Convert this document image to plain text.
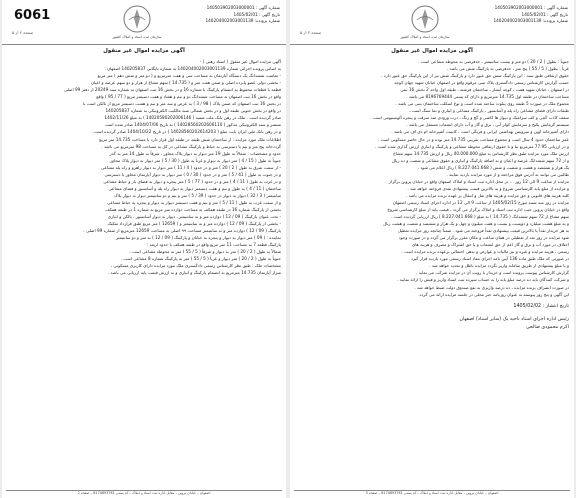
6061
صفحه ۲ از ۵
سازمان ثبت اسناد و املاک کشور
شماره آگهی : 140503902003000001
تاریخ آگهی : 1405/02/01
شماره پرونده: 140204002003001139
آگهی مزایده اموال غیر منقول

آگهی مزایده اموال غیر منقول ( اسناد رهنی ) -

به اساس پرونده اجرائی شماره 140204002003001139 به شماره بایگانی 140205837 اصفهان :

- تمامیت ششدانگ یک دستگاه آپارتمان به مساحت سی و هفت مترمربع و ( دو متر و شش دهم ) متر مربع

- بخشی دولی عضو پانزده اصلی و ضمن هفت متر و ( 14.735 ) سهم مشاع از هزار و دو سهم عرصه و اعیان

قطعه با قطعات محفوظ به انضمام پارکینگ با شماره 16 و در بخش 16 ثبت اصفهان به شماره سند 20249 از دفتر 99 اصلی

واقع در بخش 16 ثبت اصفهان به مساحت ششدانگ دو و نیم و هفتاد و هفت دسیمتر مربع ( 77 / 95 ) واقع

در بخش 16 ثبت اصفهان که ضمن پلاک ( 98 / 3 ) به عرض و سه متر و نیم و هشت دسیمتر مربع از بالکن است با

در واقع در بخش جنوبی طبقه اول و در بخش شمالی سند مالکیت الکترونیکی به شماره 140205837

صادر گردیده است . ملک در رهن بانک ملت شعبه ( 14020580202006146 ) به مبلغ 1402/11/26

منتشر و سند الکترونیکی مذکور ( 14028560202606110 ) به تاریخ 1404/07/06 صادر شده است

و در رهن بانک ملی ایران بابت مبلغ ( 14028560202614203 ) در تاریخ 1404/10/22 صادر گردیده است .

اطلاعات ملک مورد مزایده : از ساختمان شش طبقه در طبقه اول قرار دارد با مساحت 14.735 متر مربع

گرددخانه پنج متر و نیم با دسترسی به حیاط و پارکینگ مشاعی در کل به مساحت 98 مترمربع می باشد .

حدود و مشخصات : شمالاً به طول 19 متر دیوار به دیوار پلاک مجاور ، شرقاً به طول 14 متر به گذر

جنوباً به طول ( 15 / 4 ) متر دیوار به دیوار و غرباً به طول ( 30 / 5 ) متر دیوار به دیوار پلاک مجاور

- از سمت شرق به طول ( 2 / 20 ) متر و در حدود ( 4 / 11 ) متر دیوار به دیوار راهرو و راه پله مشاعی

و در جنوب به طول ( 41 / 5 ) متر و در حدود ( 30 / 0 ) متر دیوار به دیوار آپارتمان مجاور با دسترسی

و در غرب به طول ( 11 / 4 ) متر و در حدود ( 77 / 5 ) متر پنجره و دیوار به فضای باز و حیاط مشاعی

ساختمان ( 11 / 4 ) به طول و نیم و هفت دسیمتر دیوار به دیوار راه پله و آسانسور و فضای مشاعی

سانتیمتر ( 3 / 32 ) دیوار به دیوار در حدود ( 39 / 5 ) متر و نیم و دو سانتیمتر دیوار به دیوار پلاک

و از سمت غرب به طول ( 11 / 5 ) متر و نیم و هفت دسیمتر دیوار به دیوار و پنجره به حیاط مشاعی

بخشی از پارکینگ شماره 16 در طبقه همکف به مساحت دوازده متر مربع به شماره 1 در طبقه همکف

- تحت عنوان پارکینگ ( 09 / 12 ) دوازده متر و نه سانتیمتر ، دیوار به دیوار آسانسور ، بالکن و انباری

- بخشی از پارکینگ ( 09 / 12 ) دوازده متر و نه سانتیمتر و ( 12659 ) متر مربع طبق قرارداد تفکیک

پارکینگ ( 09 / 12 ) دوازده متر و نه سانتیمتر مساحت ۹۹ اصلی به مساحت 12659 مترمربع از شماره 99 اصلی .

نماینده : ( 09 ) متر دیوار به دیوار و پنجره به خیابان و پارکینگ ( 09 / 12 ) نه متر و دو سانتیمتر

پارکینگ قطعه 7 به مساحت 11 متر مربع واقع در طبقه همکف با حدود اربعه :

شمالاً به طول ( 2 / 20 ) متر به دیوار و شرقاً ( 5 / 55 ) متر به محوطه مشاعی است ،

جنوباً به طول ( 2 / 20 ) متر دیوار و غرباً ( 5 / 55 ) متر به پارکینگ شماره 8 مشاعی است .

مشخصات ملک : طبق نظر کارشناس رسمی دادگستری ملک مورد مزایده دارای کاربری مسکونی ،

متراژ آپارتمان 14.735 مترمربع به انضمام پارکینگ و انباری و به ارزش قیمت پایه ارزیابی می باشد .

اصفهان – خیابان پروین – مقابل اداره ثبت اسناد و املاک – کد پستی 8174693761 – صفحه 2
صفحه ۳ از ۵
سازمان ثبت اسناد و املاک کشور
شماره آگهی : 140503902003000001
تاریخ آگهی : 1405/02/01
شماره پرونده: 140204002003001139
آگهی مزایده اموال غیر منقول

جنوباً : بطول ( 2 / 20 ) دو متر و بیست سانتیمتر ، حدفرضی به محوطه مشاعی است .

غرباً : بطول ( 5 / 55 ) پنج متر ، حدفرضی به پارکینگ شش می باشد .

حقوق ارتفاقی طبق سند : این پارکینگ شش حق عبور دارد و پارکینگ شش نیز از این پارکینگ حق عبور دارد .

حسب گزارش کارشناس رسمی دادگستری پلاک ثبتی مرقوم واقع در اصفهان خیابان شهید جهان کوچه

در اصفهان ، خیابان شهید همت ، کوچه آبشار ، ساختمان فرشته ، طبقه اول واحد 2 بخش 16 ثبتی

مساحت ساختمان در طبقه اول 14.735 مترمربع و دارای کد پستی 8196769444 می باشد .

مجموع ملک در صورت 5 طبقه روی پیلوت ساخته شده است و نوع اسکلت ساختمان بتنی می باشد .

طبقات دارای فضای مشاعی راه پله و آسانسور ، پارکینگ مشاعی و انباری و نما سنگ است ،

سقف کاذب گچی و کف سرامیک و دیوار ها کاشی و گچ و رنگ ، درب ورودی ضد سرقت و پنجره آلومینیومی است .

سیستم گرمایش پکیج و سرمایش کولر آبی ، برق و گاز و آب دارای انشعاب مستقل می باشد .

دارای آشپزخانه اوپن و سرویس بهداشتی ایرانی و فرنگی است ، کابینت آشپزخانه ام دی اف می باشد .

عمر ساختمان حدود 4 سال است و مجموع مساحت تقریبی 14.735 متر بوده و در حال حاضر مسکونی است .

و در ارزیابی 77.95 مترمربع بنا و با حقوق ارتفاقی محوطه مشاعی و پارکینگ و انباری ارزش گذاری شده است .

ارزش ملک مورد مزایده طبق نظر کارشناس به مبلغ 40،000،000 ریال و ارزش 14.735 سهم مشاع

و از 72 سهم ششدانگ عرصه و اعیان و به اضافه پارکینگ و انباری و حقوق مشاعی و شصت و ده ریال

یک هزار و ششصد و هشت و شصت و شش ( 8.227.041.668 ) ریال اعلام می شود .

طالبین می توانند به آدرس فوق مراجعه و از مورد مزایده بازدید نمایند .

مزایده از ساعت 9 الی 12 روز ... در محل اداره ثبت اسناد و املاک اصفهان واقع در خیابان پروین برگزار

و مزایده از مبلغ پایه کارشناسی شروع و به بالاترین قیمت پیشنهادی نقدی فروخته خواهد شد .

کلیه هزینه های قانونی و حق مزایده و هزینه های نقل و انتقال بر عهده برنده مزایده می باشد .

مزایده در روز سه شنبه مورخ 1405/02/15 از ساعت 9 الی 12 در اداره اجرای اسناد رسمی اصفهان

واقع در خیابان پروین جنب اداره ثبت اسناد و املاک برگزار می گردد ، قیمت پایه از مبلغ کارشناسی شروع

سهم مشاع از 72 سهم ششدانگ ( 14.735 ) به مبلغ ( 8.227.041.668 ) ریال ارزیابی گردیده است .

و به مبلغ هشت میلیارد و دویست و بیست و هفت میلیون و چهل و یک هزار و ششصد و شصت و هشت ریال

به هر خریدار نقداً یا بالاترین قیمت پیشنهادی نقداً فروخته می شود . ضمناً چنانچه روز مزایده تعطیل

شود مزایده در روز بعد از تعطیلی در همان ساعت و مکان مقرر برگزار می گردد و در صورت وجود

اختلاف در مورد آب و برق و گاز اعم از حق انشعاب و یا حق اشتراک و مصرف و هزینه های

رسمی ، هزینه مزایده و غیره و نیز مالیات و عوارض و بدهی احتمالی برعهده برنده مزایده است .

در صورتی که ملک طبق ماده 136 آیین نامه اجرای مفاد اسناد رسمی مورد بازدید قرار گیرد

و یا مبلغ پیشنهادی از طریق سامانه واریز نگردد مزایده باطل و تجدید خواهد شد .

گزارش کارشناس پیوست پرونده است و خریدار با رویت آن در مزایده شرکت می نماید .

و شرکت کنندگان باید ده درصد مبلغ پایه را به حساب سپرده ثبت اسناد واریز و فیش را ارائه نمایند .

در صورت انصراف برنده مزایده ، ده درصد واریزی به نفع صندوق دولت ضبط خواهد شد .

این آگهی و پنج روز پیوسته به عنوان روزنامه خبر محلی در جلسه مزایده ارائه می گردد.

تاریخ انتشار : 1405/02/02

رئیس اداره اجرای اسناد ناحیه یک (سایر اسناد) اصفهان

اکرم محمودی صالحی

اصفهان – خیابان پروین – مقابل اداره ثبت اسناد و املاک – کد پستی 8174693761 – صفحه 3
